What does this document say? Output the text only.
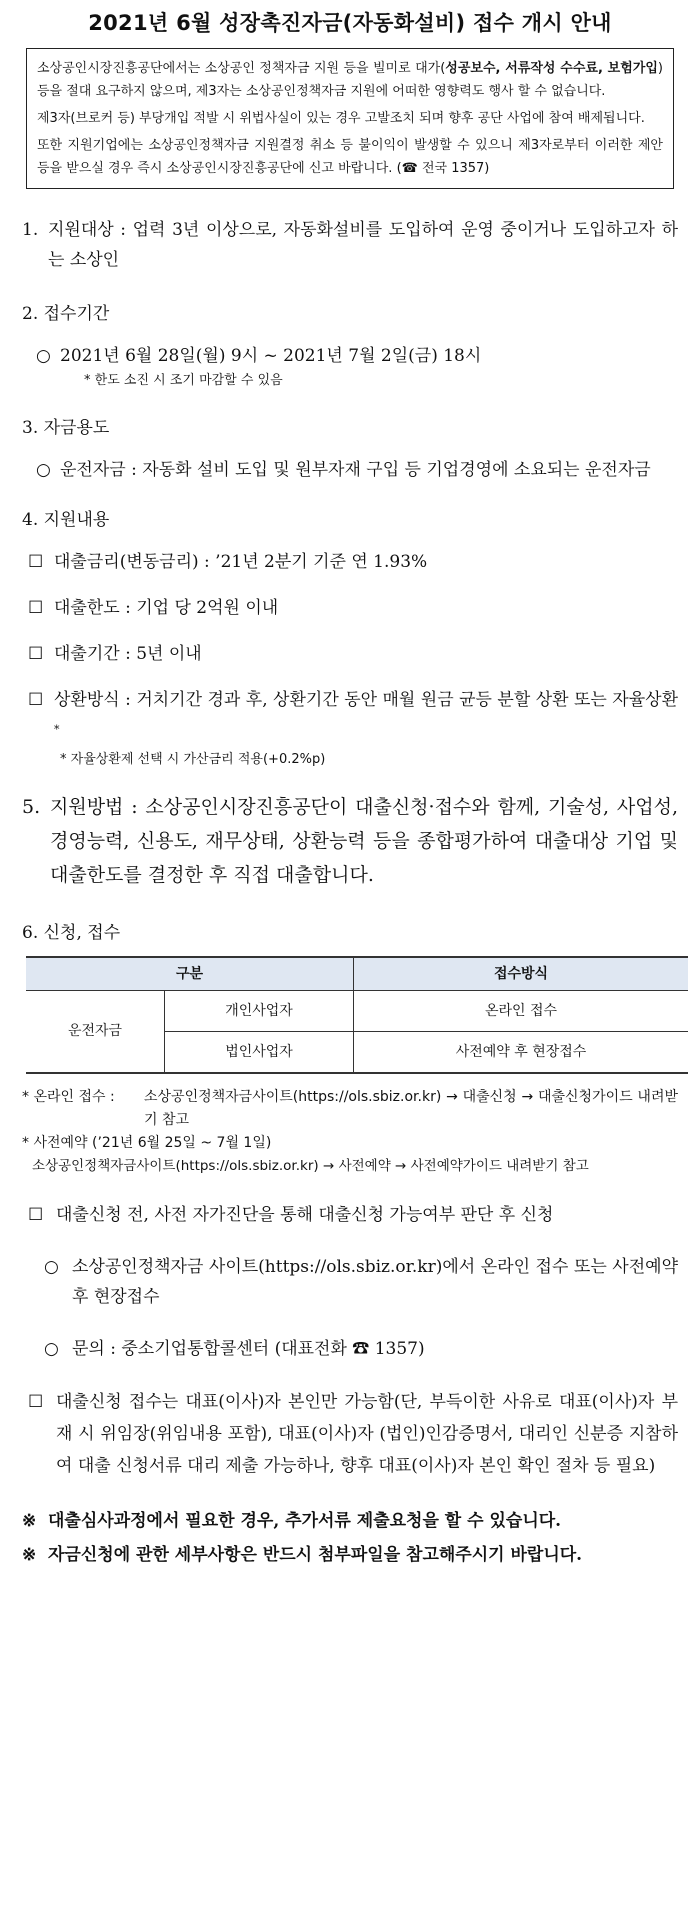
2021년 6월 성장촉진자금(자동화설비) 접수 개시 안내

소상공인시장진흥공단에서는 소상공인 정책자금 지원 등을 빌미로 대가(성공보수, 서류작성 수수료, 보험가입) 등을 절대 요구하지 않으며, 제3자는 소상공인정책자금 지원에 어떠한 영향력도 행사 할 수 없습니다.

제3자(브로커 등) 부당개입 적발 시 위법사실이 있는 경우 고발조치 되며 향후 공단 사업에 참여 배제됩니다.

또한 지원기업에는 소상공인정책자금 지원결정 취소 등 불이익이 발생할 수 있으니 제3자로부터 이러한 제안 등을 받으실 경우 즉시 소상공인시장진흥공단에 신고 바랍니다. (☎ 전국 1357)

1. 지원대상 : 업력 3년 이상으로, 자동화설비를 도입하여 운영 중이거나 도입하고자 하는 소상인

2. 접수기간

○ 2021년 6월 28일(월) 9시 ~ 2021년 7월 2일(금) 18시
* 한도 소진 시 조기 마감할 수 있음

3. 자금용도

○ 운전자금 : 자동화 설비 도입 및 원부자재 구입 등 기업경영에 소요되는 운전자금

4. 지원내용

☐ 대출금리(변동금리) : ’21년 2분기 기준 연 1.93%
☐ 대출한도 : 기업 당 2억원 이내
☐ 대출기간 : 5년 이내
☐ 상환방식 : 거치기간 경과 후, 상환기간 동안 매월 원금 균등 분할 상환 또는 자율상환*
* 자율상환제 선택 시 가산금리 적용(+0.2%p)
5. 지원방법 : 소상공인시장진흥공단이 대출신청·접수와 함께, 기술성, 사업성, 경영능력, 신용도, 재무상태, 상환능력 등을 종합평가하여 대출대상 기업 및 대출한도를 결정한 후 직접 대출합니다.

6. 신청, 접수

구분		접수방식
운전자금	개인사업자	온라인 접수
	법인사업자	사전예약 후 현장접수
* 온라인 접수 :	소상공인정책자금사이트(https://ols.sbiz.or.kr) → 대출신청 → 대출신청가이드 내려받기 참고
* 사전예약 (’21년 6월 25일 ~ 7월 1일)
소상공인정책자금사이트(https://ols.sbiz.or.kr) → 사전예약 → 사전예약가이드 내려받기 참고
☐ 대출신청 전, 사전 자가진단을 통해 대출신청 가능여부 판단 후 신청
○ 소상공인정책자금 사이트(https://ols.sbiz.or.kr)에서 온라인 접수 또는 사전예약 후 현장접수
○ 문의 : 중소기업통합콜센터 (대표전화 ☎ 1357)
☐ 대출신청 접수는 대표(이사)자 본인만 가능함(단, 부득이한 사유로 대표(이사)자 부재 시 위임장(위임내용 포함), 대표(이사)자 (법인)인감증명서, 대리인 신분증 지참하여 대출 신청서류 대리 제출 가능하나, 향후 대표(이사)자 본인 확인 절차 등 필요)
※ 대출심사과정에서 필요한 경우, 추가서류 제출요청을 할 수 있습니다.
※ 자금신청에 관한 세부사항은 반드시 첨부파일을 참고해주시기 바랍니다.
